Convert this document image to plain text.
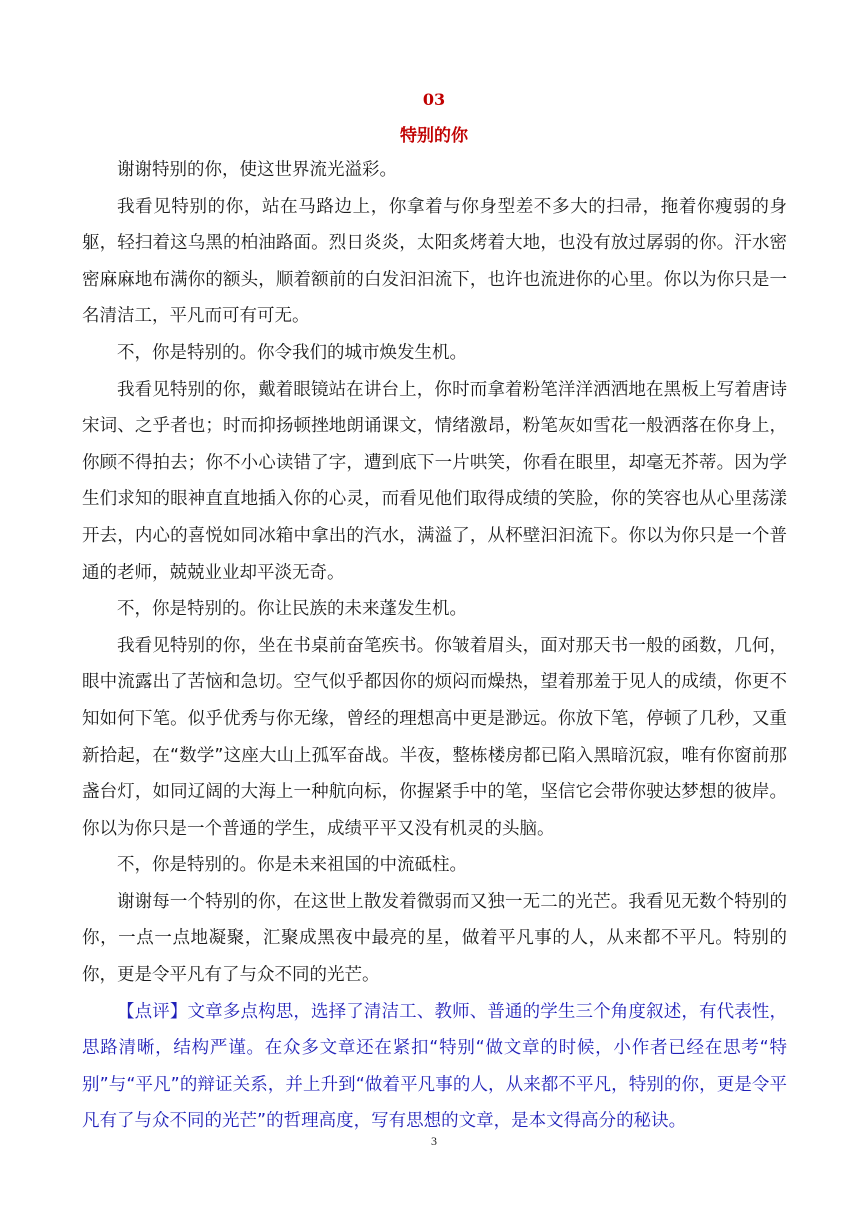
03
特别的你

谢谢特别的你，使这世界流光溢彩。

我看见特别的你，站在马路边上，你拿着与你身型差不多大的扫帚，拖着你瘦弱的身躯，轻扫着这乌黑的柏油路面。烈日炎炎，太阳炙烤着大地，也没有放过孱弱的你。汗水密密麻麻地布满你的额头，顺着额前的白发汩汩流下，也许也流进你的心里。你以为你只是一名清洁工，平凡而可有可无。

不，你是特别的。你令我们的城市焕发生机。

我看见特别的你，戴着眼镜站在讲台上，你时而拿着粉笔洋洋洒洒地在黑板上写着唐诗宋词、之乎者也；时而抑扬顿挫地朗诵课文，情绪激昂，粉笔灰如雪花一般洒落在你身上，你顾不得拍去；你不小心读错了字，遭到底下一片哄笑，你看在眼里，却毫无芥蒂。因为学生们求知的眼神直直地插入你的心灵，而看见他们取得成绩的笑脸，你的笑容也从心里荡漾开去，内心的喜悦如同冰箱中拿出的汽水，满溢了，从杯壁汩汩流下。你以为你只是一个普通的老师，兢兢业业却平淡无奇。

不，你是特别的。你让民族的未来蓬发生机。

我看见特别的你，坐在书桌前奋笔疾书。你皱着眉头，面对那天书一般的函数，几何，眼中流露出了苦恼和急切。空气似乎都因你的烦闷而燥热，望着那羞于见人的成绩，你更不知如何下笔。似乎优秀与你无缘，曾经的理想高中更是渺远。你放下笔，停顿了几秒，又重新拾起，在“数学”这座大山上孤军奋战。半夜，整栋楼房都已陷入黑暗沉寂，唯有你窗前那盏台灯，如同辽阔的大海上一种航向标，你握紧手中的笔，坚信它会带你驶达梦想的彼岸。你以为你只是一个普通的学生，成绩平平又没有机灵的头脑。

不，你是特别的。你是未来祖国的中流砥柱。

谢谢每一个特别的你，在这世上散发着微弱而又独一无二的光芒。我看见无数个特别的你，一点一点地凝聚，汇聚成黑夜中最亮的星，做着平凡事的人，从来都不平凡。特别的你，更是令平凡有了与众不同的光芒。

【点评】文章多点构思，选择了清洁工、教师、普通的学生三个角度叙述，有代表性，思路清晰，结构严谨。在众多文章还在紧扣“特别“做文章的时候，小作者已经在思考“特别”与“平凡”的辩证关系，并上升到“做着平凡事的人，从来都不平凡，特别的你，更是令平凡有了与众不同的光芒”的哲理高度，写有思想的文章，是本文得高分的秘诀。

3
